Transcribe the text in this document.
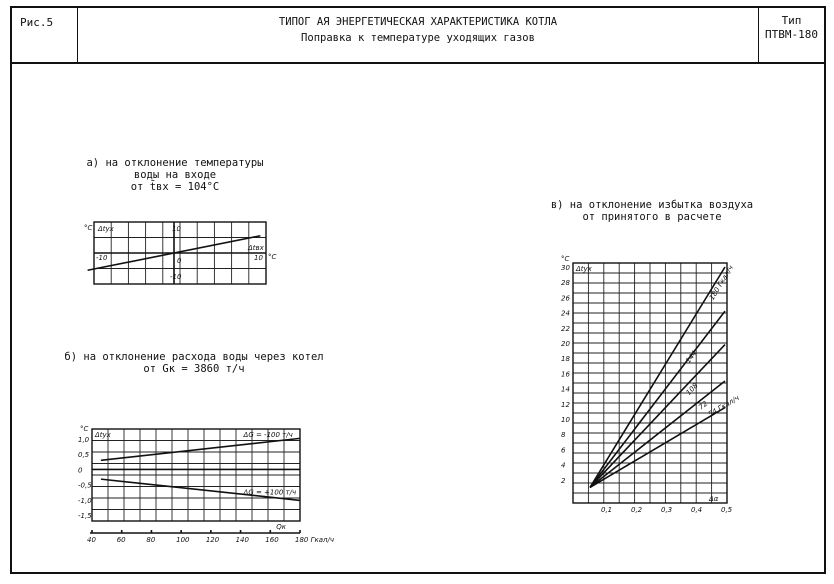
Рис.5	ТИПОГ АЯ ЭНЕРГЕТИЧЕСКАЯ ХАРАКТЕРИСТИКА КОТЛА
Поправка к температуре уходящих газов
Тип
ПТВМ-180
а) на отклонение температуры
воды на входе
от t̄вх = 104°С
б) на отклонение расхода воды через котел
от Gк = 3860 т/ч
в) на отклонение избытка воздуха
от принятого в расчете
°С Δtух
Δtвх
°С
-10	0	10
10
-10
ΔG = -100 т/ч
ΔG = +100 т/ч
°С
Δtух
1,0
0,5
0
-0,5
-1,0
-1,5
40	60	80	100 120 140 160 180 Гкал/ч
Qк
180 Гкал/ч
144
108
72
54 Гкал/ч
°С
Δtух
30
28
26
24
22
20
18
16
14
12
10
8
6
4
2
0,1	0,2	0,3	0,4	0,5
Δα
